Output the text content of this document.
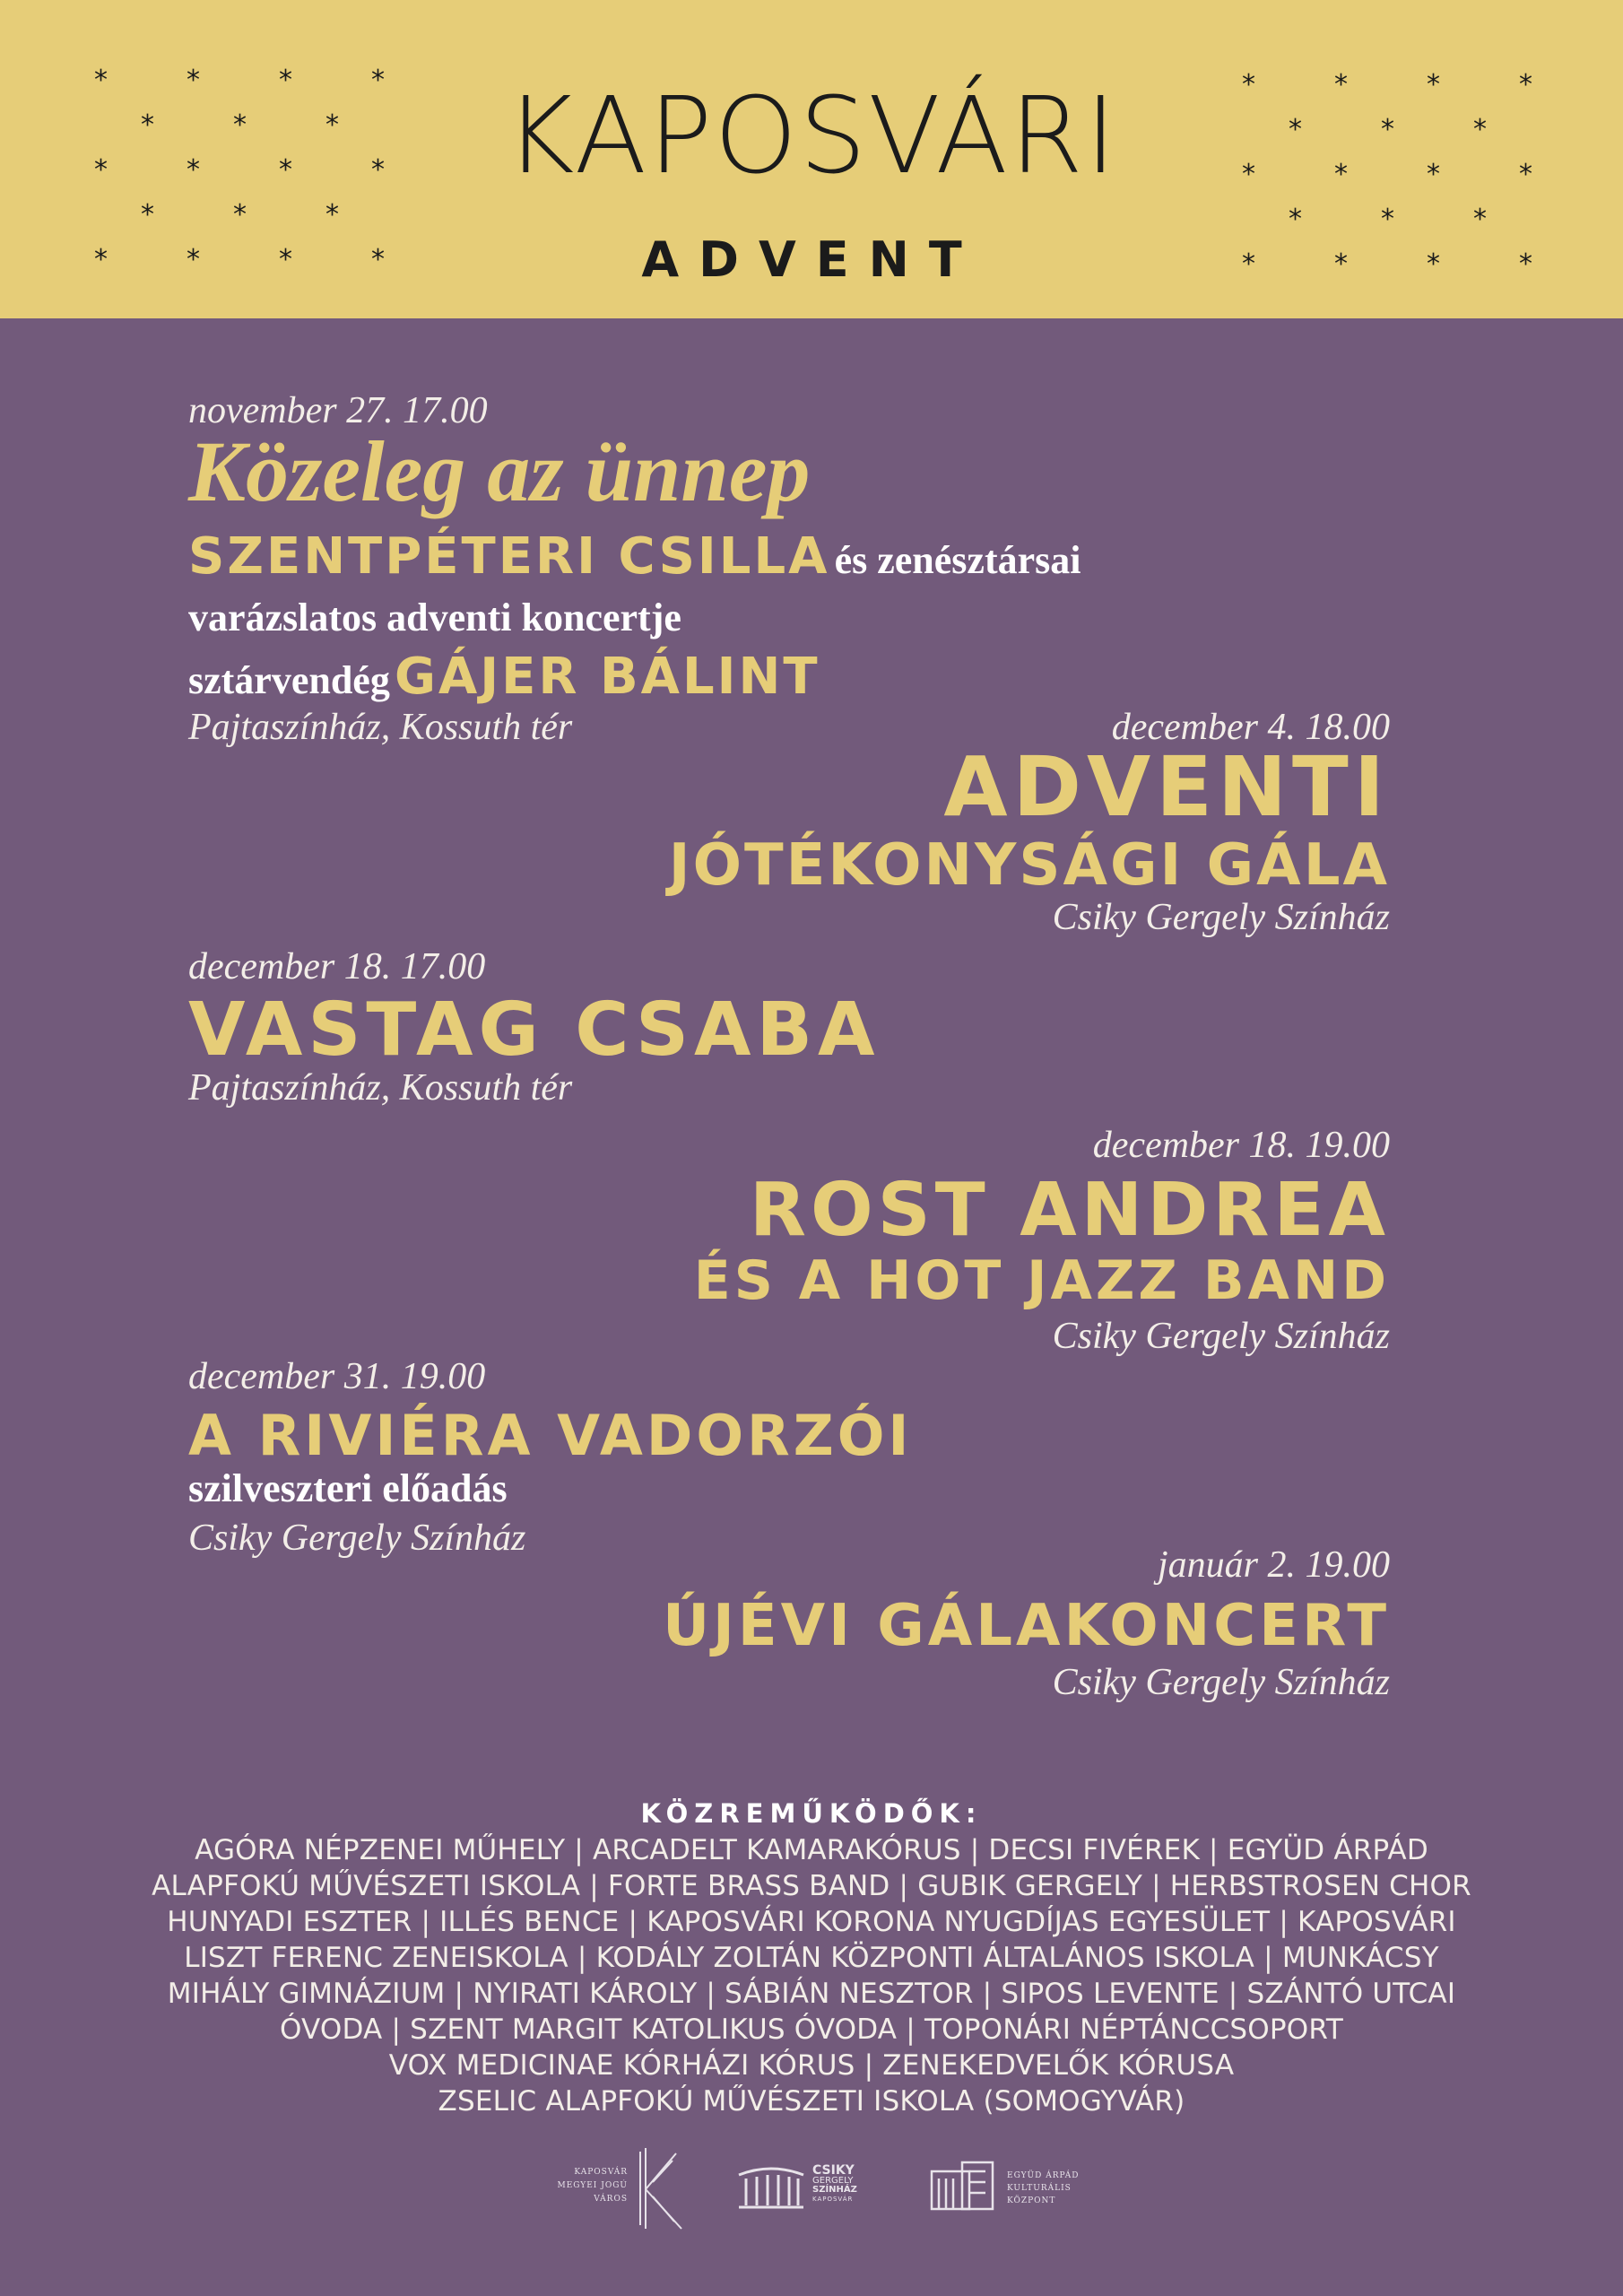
*	*	*	*
*	*	*
*	*	*	*
*	*	*
*	*	*	*
*	*	*	*
*	*	*
*	*	*	*
*	*	*
*	*	*	*
KAPOSVÁRI
ADVENT
november 27. 17.00
Közeleg az ünnep
SZENTPÉTERI CSILLA és zenésztársai
varázslatos adventi koncertje
sztárvendég GÁJER BÁLINT
Pajtaszínház, Kossuth tér	december 4. 18.00
ADVENTI
JÓTÉKONYSÁGI GÁLA
Csiky Gergely Színház
december 18. 17.00
VASTAG CSABA
Pajtaszínház, Kossuth tér
december 18. 19.00
ROST ANDREA
ÉS A HOT JAZZ BAND
Csiky Gergely Színház
december 31. 19.00
A RIVIÉRA VADORZÓI
szilveszteri előadás
Csiky Gergely Színház
január 2. 19.00
ÚJÉVI GÁLAKONCERT
Csiky Gergely Színház
KÖZREMŰKÖDŐK:
AGÓRA NÉPZENEI MŰHELY | ARCADELT KAMARAKÓRUS | DECSI FIVÉREK | EGYÜD ÁRPÁD
ALAPFOKÚ MŰVÉSZETI ISKOLA | FORTE BRASS BAND | GUBIK GERGELY | HERBSTROSEN CHOR
HUNYADI ESZTER | ILLÉS BENCE | KAPOSVÁRI KORONA NYUGDÍJAS EGYESÜLET | KAPOSVÁRI
LISZT FERENC ZENEISKOLA | KODÁLY ZOLTÁN KÖZPONTI ÁLTALÁNOS ISKOLA | MUNKÁCSY
MIHÁLY GIMNÁZIUM | NYIRATI KÁROLY | SÁBIÁN NESZTOR | SIPOS LEVENTE | SZÁNTÓ UTCAI
ÓVODA | SZENT MARGIT KATOLIKUS ÓVODA | TOPONÁRI NÉPTÁNCCSOPORT
VOX MEDICINAE KÓRHÁZI KÓRUS | ZENEKEDVELŐK KÓRUSA
ZSELIC ALAPFOKÚ MŰVÉSZETI ISKOLA (SOMOGYVÁR)
KAPOSVÁR
MEGYEI JOGÚ
VÁROS
CSIKY
GERGELY
SZÍNHÁZ
KAPOSVÁR
EGYÜD ÁRPÁD
KULTURÁLIS
KÖZPONT
